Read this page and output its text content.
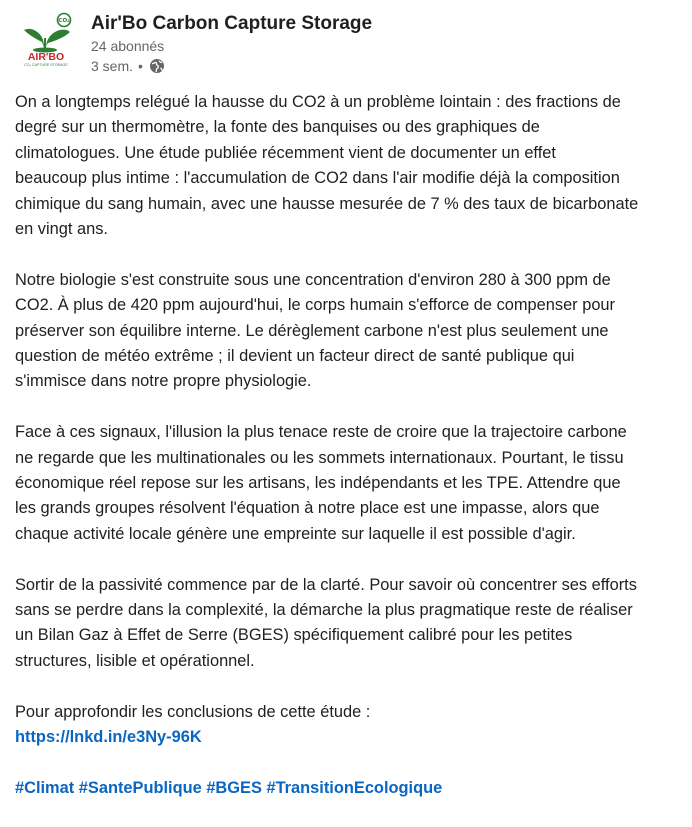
CO₂
AIR'BO
CO₂ CAPTURE STORAGE
Air'Bo Carbon Capture Storage
24 abonnés
3 sem. •

On a longtemps relégué la hausse du CO2 à un problème lointain : des fractions de
degré sur un thermomètre, la fonte des banquises ou des graphiques de
climatologues. Une étude publiée récemment vient de documenter un effet
beaucoup plus intime : l'accumulation de CO2 dans l'air modifie déjà la composition
chimique du sang humain, avec une hausse mesurée de 7 % des taux de bicarbonate
en vingt ans.

Notre biologie s'est construite sous une concentration d'environ 280 à 300 ppm de
CO2. À plus de 420 ppm aujourd'hui, le corps humain s'efforce de compenser pour
préserver son équilibre interne. Le dérèglement carbone n'est plus seulement une
question de météo extrême ; il devient un facteur direct de santé publique qui
s'immisce dans notre propre physiologie.

Face à ces signaux, l'illusion la plus tenace reste de croire que la trajectoire carbone
ne regarde que les multinationales ou les sommets internationaux. Pourtant, le tissu
économique réel repose sur les artisans, les indépendants et les TPE. Attendre que
les grands groupes résolvent l'équation à notre place est une impasse, alors que
chaque activité locale génère une empreinte sur laquelle il est possible d'agir.

Sortir de la passivité commence par de la clarté. Pour savoir où concentrer ses efforts
sans se perdre dans la complexité, la démarche la plus pragmatique reste de réaliser
un Bilan Gaz à Effet de Serre (BGES) spécifiquement calibré pour les petites
structures, lisible et opérationnel.

Pour approfondir les conclusions de cette étude :
https://lnkd.in/e3Ny-96K

#Climat #SantePublique #BGES #TransitionEcologique
